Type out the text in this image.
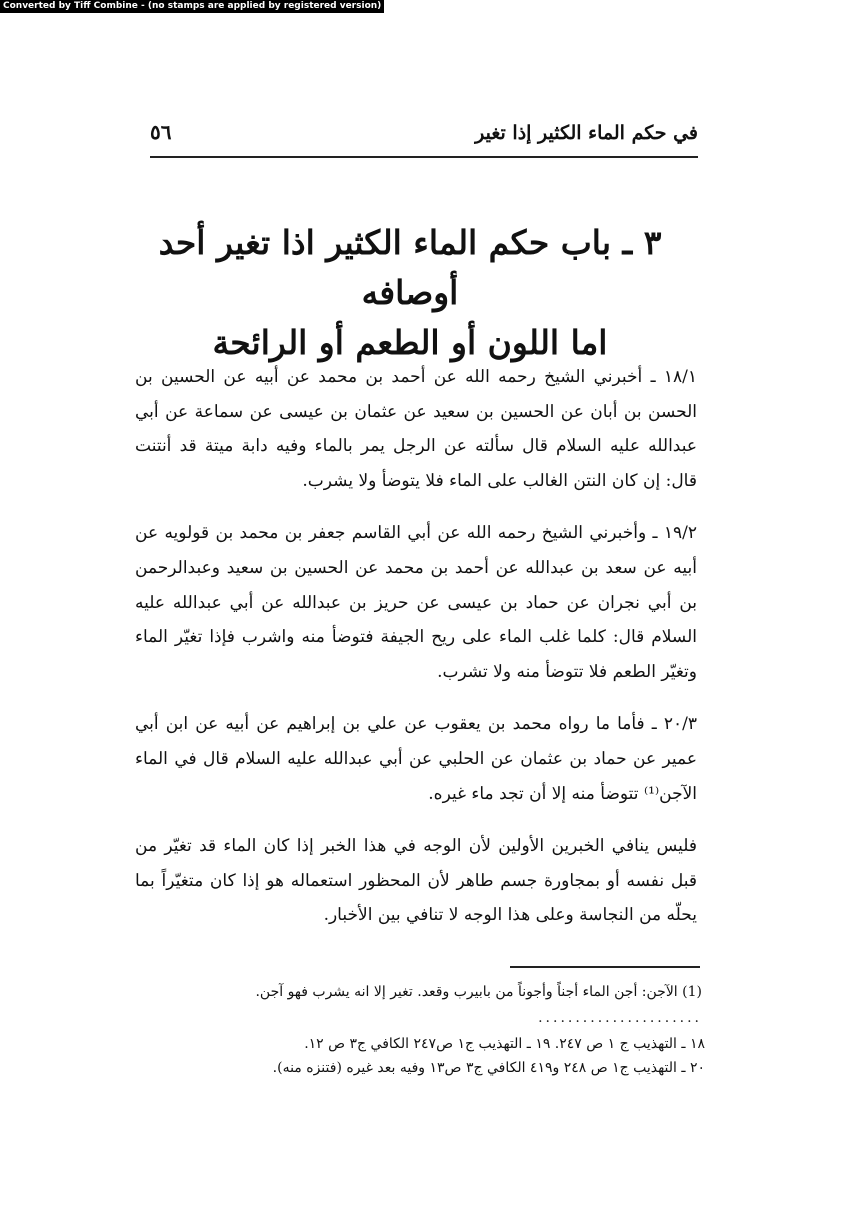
Converted by Tiff Combine - (no stamps are applied by registered version)
في حكم الماء الكثير إذا تغير
٥٦
٣ ـ باب حكم الماء الكثير اذا تغير أحد أوصافه
اما اللون أو الطعم أو الرائحة

١٨/١ ـ أخبرني الشيخ رحمه الله عن أحمد بن محمد عن أبيه عن الحسين بن الحسن بن أبان عن الحسين بن سعيد عن عثمان بن عيسى عن سماعة عن أبي عبدالله عليه السلام قال سألته عن الرجل يمر بالماء وفيه دابة ميتة قد أنتنت قال: إن كان النتن الغالب على الماء فلا يتوضأ ولا يشرب.

١٩/٢ ـ وأخبرني الشيخ رحمه الله عن أبي القاسم جعفر بن محمد بن قولويه عن أبيه عن سعد بن عبدالله عن أحمد بن محمد عن الحسين بن سعيد وعبدالرحمن بن أبي نجران عن حماد بن عيسى عن حريز بن عبدالله عن أبي عبدالله عليه السلام قال: كلما غلب الماء على ريح الجيفة فتوضأ منه واشرب فإذا تغيّر الماء وتغيّر الطعم فلا تتوضأ منه ولا تشرب.

٢٠/٣ ـ فأما ما رواه محمد بن يعقوب عن علي بن إبراهيم عن أبيه عن ابن أبي عمير عن حماد بن عثمان عن الحلبي عن أبي عبدالله عليه السلام قال في الماء الآجن⁽¹⁾ تتوضأ منه إلا أن تجد ماء غيره.

فليس ينافي الخبرين الأولين لأن الوجه في هذا الخبر إذا كان الماء قد تغيّر من قبل نفسه أو بمجاورة جسم طاهر لأن المحظور استعماله هو إذا كان متغيّراً بما يحلّه من النجاسة وعلى هذا الوجه لا تنافي بين الأخبار.

(1) الآجن: أجن الماء أجناً وأجوناً من بابيرب وقعد. تغير إلا انه يشرب فهو آجن.
......................
١٨ ـ التهذيب ج ١ ص ٢٤٧. ١٩ ـ التهذيب ج١ ص٢٤٧ الكافي ج٣ ص ١٢.
٢٠ ـ التهذيب ج١ ص ٢٤٨ و٤١٩ الكافي ج٣ ص١٣ وفيه بعد غيره (فتنزه منه).
